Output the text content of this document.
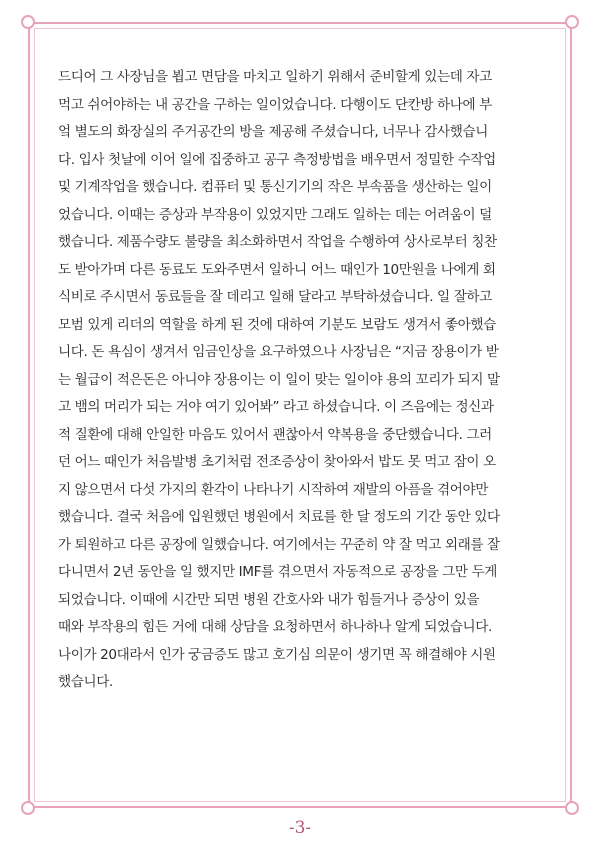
드디어 그 사장님을 뵙고 면담을 마치고 일하기 위해서 준비할게 있는데 자고
먹고 쉬어야하는 내 공간을 구하는 일이었습니다. 다행이도 단칸방 하나에 부
엌 별도의 화장실의 주거공간의 방을 제공해 주셨습니다, 너무나 감사했습니
다. 입사 첫날에 이어 일에 집중하고 공구 측정방법을 배우면서 정밀한 수작업
및 기계작업을 했습니다. 컴퓨터 및 통신기기의 작은 부속품을 생산하는 일이
었습니다. 이때는 증상과 부작용이 있었지만 그래도 일하는 데는 어려움이 덜
했습니다. 제품수량도 불량을 최소화하면서 작업을 수행하여 상사로부터 칭찬
도 받아가며 다른 동료도 도와주면서 일하니 어느 때인가 10만원을 나에게 회
식비로 주시면서 동료들을 잘 데리고 일해 달라고 부탁하셨습니다. 일 잘하고
모범 있게 리더의 역할을 하게 된 것에 대하여 기분도 보람도 생겨서 좋아했습
니다. 돈 욕심이 생겨서 임금인상을 요구하였으나 사장님은 “지금 장용이가 받
는 월급이 적은돈은 아니야 장용이는 이 일이 맞는 일이야 용의 꼬리가 되지 말
고 뱀의 머리가 되는 거야 여기 있어봐” 라고 하셨습니다. 이 즈음에는 정신과
적 질환에 대해 안일한 마음도 있어서 괜찮아서 약복용을 중단했습니다. 그러
던 어느 때인가 처음발병 초기처럼 전조증상이 찾아와서 밥도 못 먹고 잠이 오
지 않으면서 다섯 가지의 환각이 나타나기 시작하여 재발의 아픔을 겪어야만
했습니다. 결국 처음에 입원했던 병원에서 치료를 한 달 정도의 기간 동안 있다
가 퇴원하고 다른 공장에 일했습니다. 여기에서는 꾸준히 약 잘 먹고 외래를 잘
다니면서 2년 동안을 일 했지만 IMF를 겪으면서 자동적으로 공장을 그만 두게
되었습니다. 이때에 시간만 되면 병원 간호사와 내가 힘들거나 증상이 있을
때와 부작용의 힘든 거에 대해 상담을 요청하면서 하나하나 알게 되었습니다.
나이가 20대라서 인가 궁금증도 많고 호기심 의문이 생기면 꼭 해결해야 시원
했습니다.
-3-
